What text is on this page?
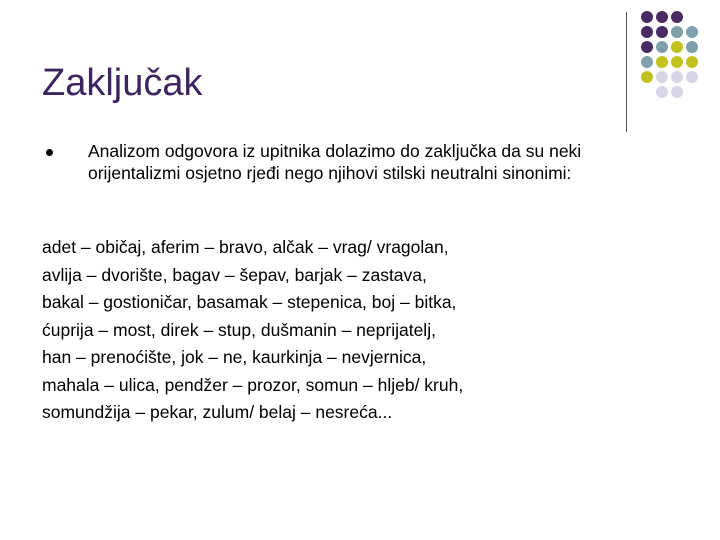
Zaključak
Analizom odgovora iz upitnika dolazimo do zaključka da su neki orijentalizmi osjetno rjeđi nego njihovi stilski neutralni sinonimi:
adet – običaj, aferim – bravo, alčak – vrag/ vragolan,
avlija – dvorište, bagav – šepav, barjak – zastava,
bakal – gostioničar, basamak – stepenica, boj – bitka,
ćuprija – most, direk – stup, dušmanin – neprijatelj,
han – prenoćište, jok – ne, kaurkinja – nevjernica,
mahala – ulica, pendžer – prozor, somun – hljeb/ kruh,
somundžija – pekar, zulum/ belaj – nesreća...
